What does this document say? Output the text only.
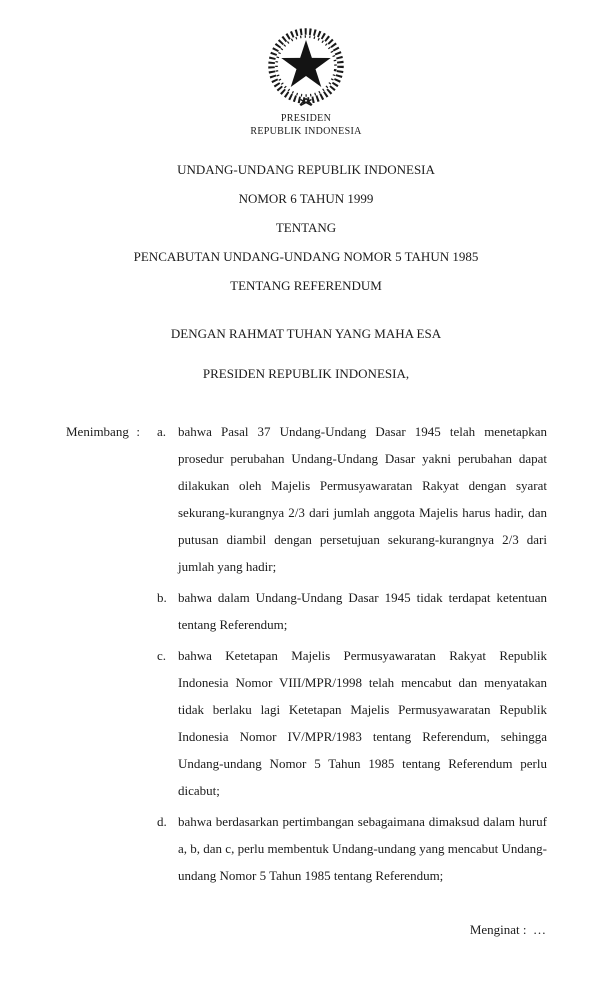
PRESIDEN
REPUBLIK INDONESIA
UNDANG-UNDANG REPUBLIK INDONESIA
NOMOR 6 TAHUN 1999
TENTANG
PENCABUTAN UNDANG-UNDANG NOMOR 5 TAHUN 1985
TENTANG REFERENDUM
DENGAN RAHMAT TUHAN YANG MAHA ESA
PRESIDEN REPUBLIK INDONESIA,
Menimbang : a. bahwa Pasal 37 Undang-Undang Dasar 1945 telah menetapkan prosedur perubahan Undang-Undang Dasar yakni perubahan dapat dilakukan oleh Majelis Permusyawaratan Rakyat dengan syarat sekurang-kurangnya 2/3 dari jumlah anggota Majelis harus hadir, dan putusan diambil dengan persetujuan sekurang-kurangnya 2/3 dari jumlah yang hadir;
b. bahwa dalam Undang-Undang Dasar 1945 tidak terdapat ketentuan tentang Referendum;
c. bahwa Ketetapan Majelis Permusyawaratan Rakyat Republik Indonesia Nomor VIII/MPR/1998 telah mencabut dan menyatakan tidak berlaku lagi Ketetapan Majelis Permusyawaratan Republik Indonesia Nomor IV/MPR/1983 tentang Referendum, sehingga Undang-undang Nomor 5 Tahun 1985 tentang Referendum perlu dicabut;
d. bahwa berdasarkan pertimbangan sebagaimana dimaksud dalam huruf a, b, dan c, perlu membentuk Undang-undang yang mencabut Undang-undang Nomor 5 Tahun 1985 tentang Referendum;
Menginat :  …
